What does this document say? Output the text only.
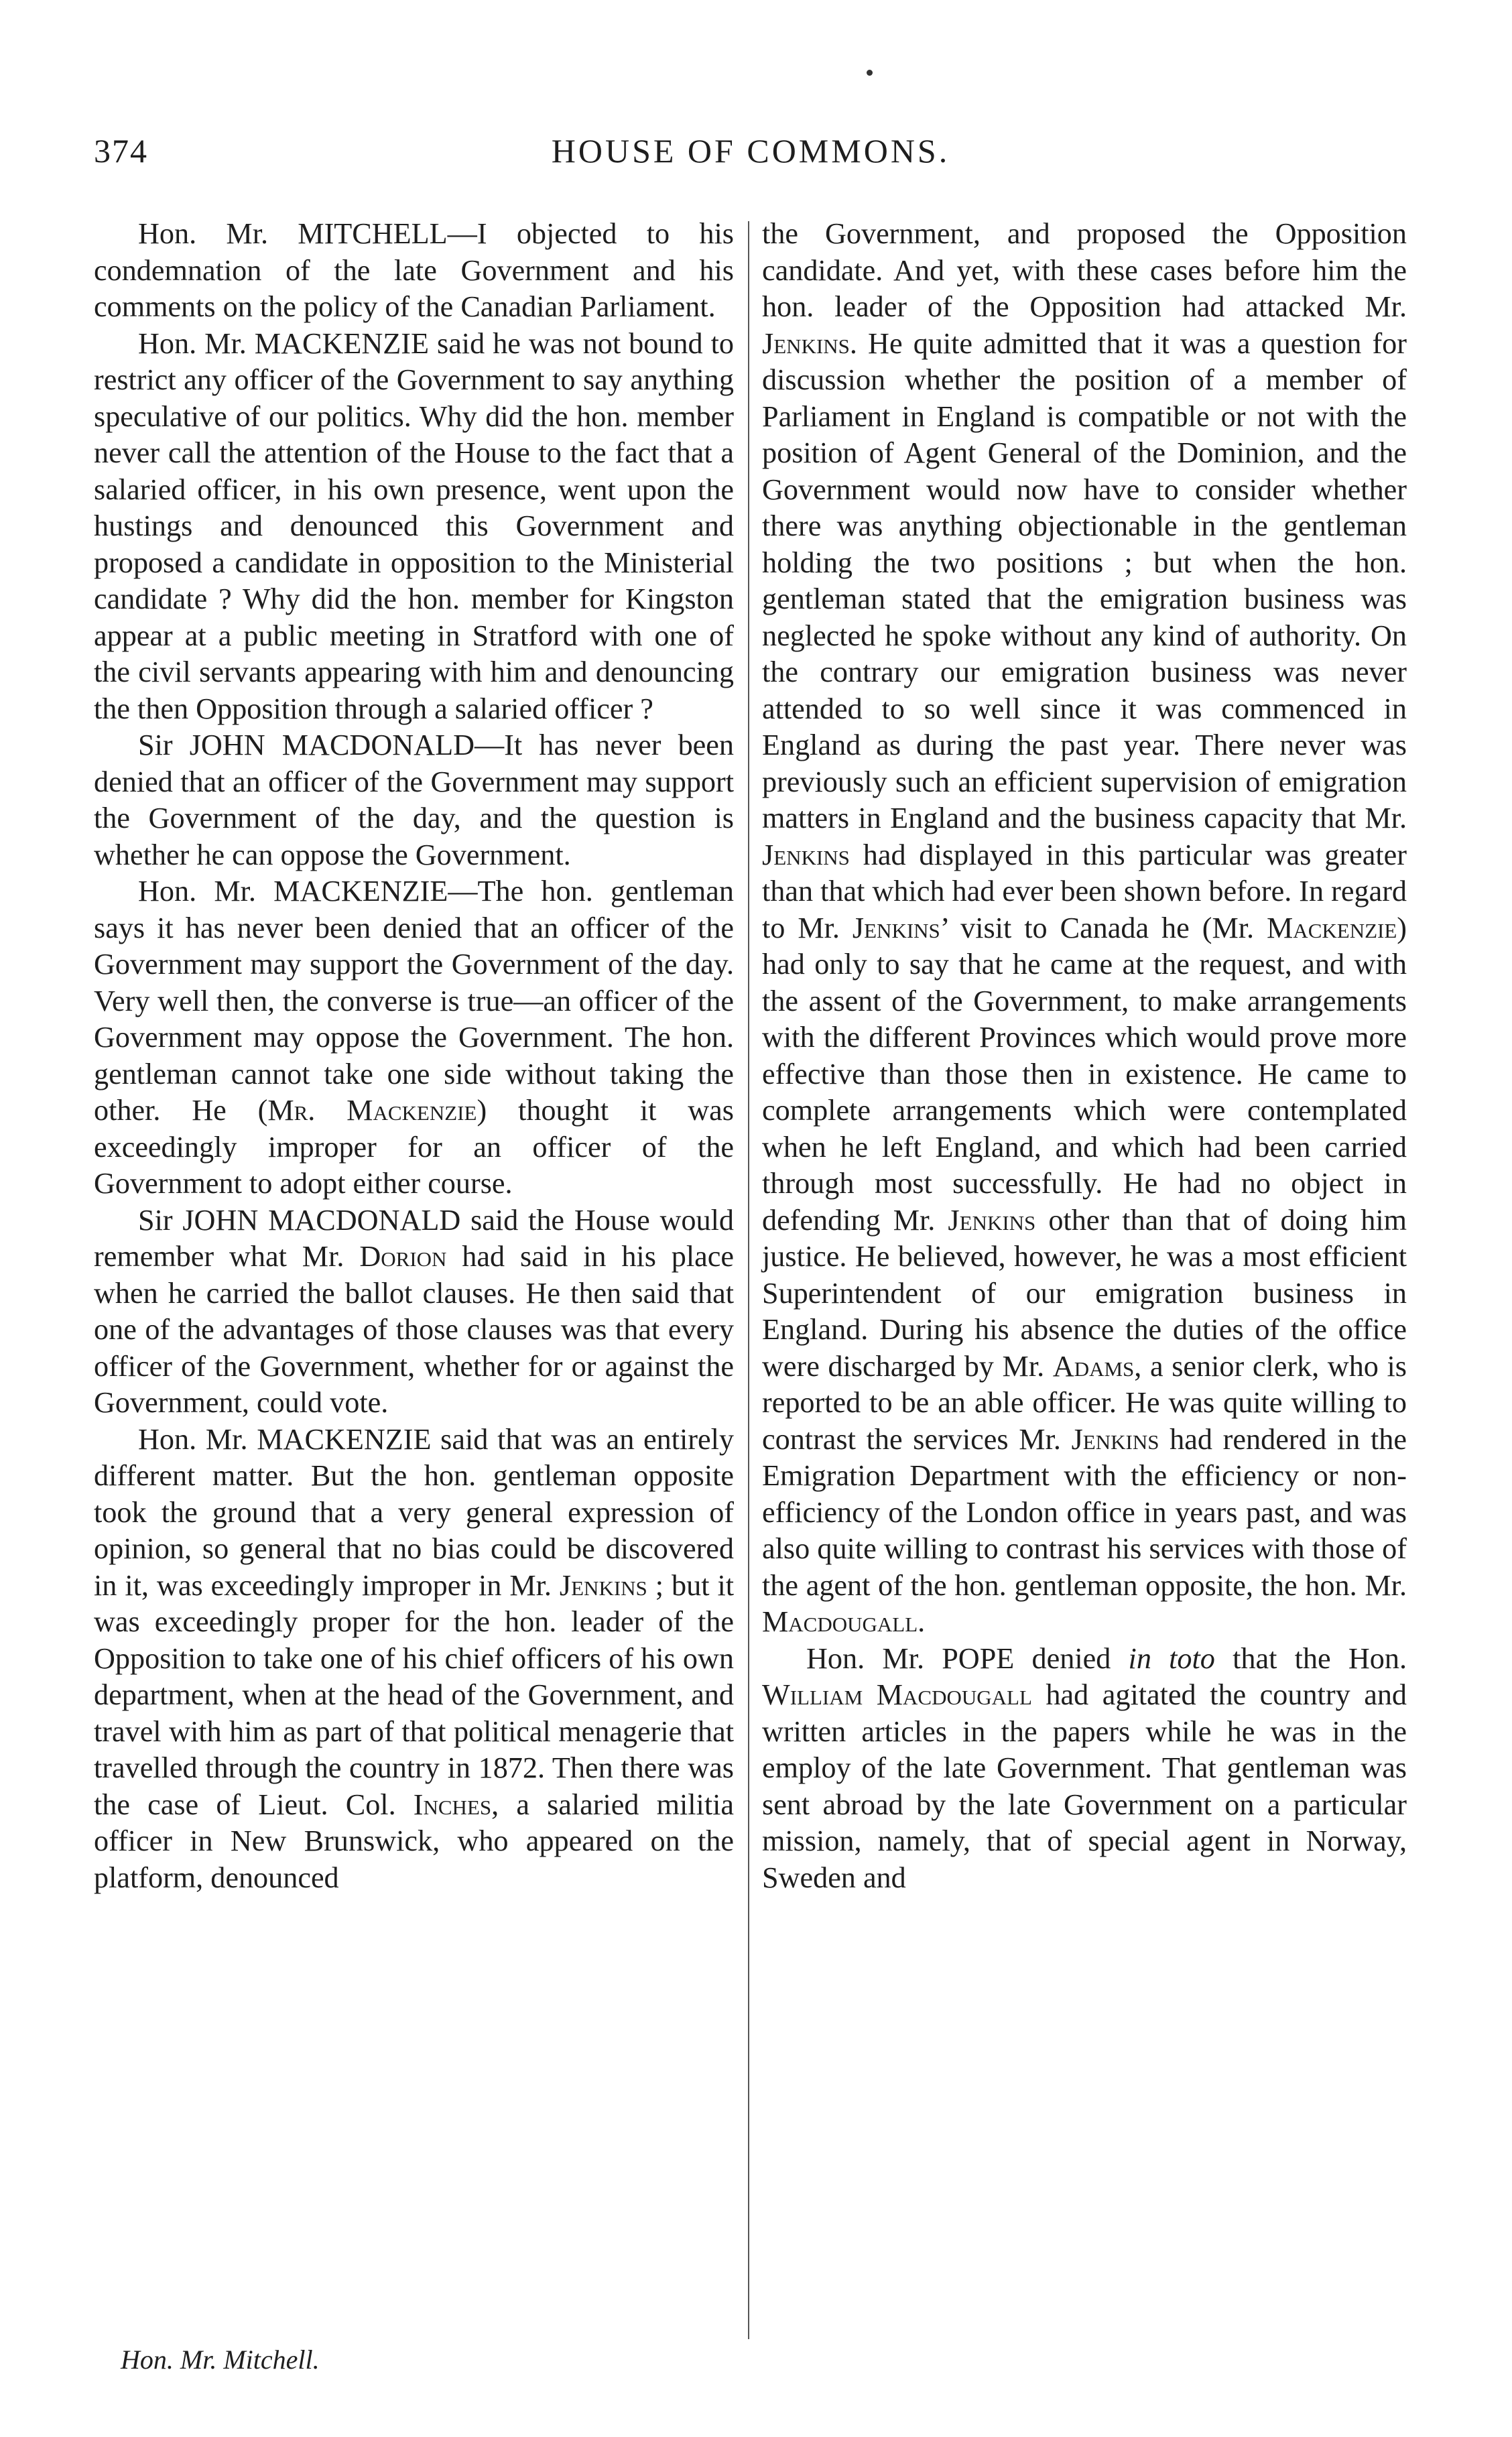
374	HOUSE OF COMMONS.

Hon. Mr. MITCHELL—I objected to his condemnation of the late Government and his comments on the policy of the Canadian Parliament.

Hon. Mr. MACKENZIE said he was not bound to restrict any officer of the Government to say anything speculative of our politics. Why did the hon. member never call the attention of the House to the fact that a salaried officer, in his own presence, went upon the hustings and denounced this Government and proposed a candidate in opposition to the Ministerial candidate ? Why did the hon. member for Kingston appear at a public meeting in Stratford with one of the civil servants appearing with him and denouncing the then Opposition through a salaried officer ?

Sir JOHN MACDONALD—It has never been denied that an officer of the Government may support the Government of the day, and the question is whether he can oppose the Government.

Hon. Mr. MACKENZIE—The hon. gentleman says it has never been denied that an officer of the Government may support the Government of the day. Very well then, the converse is true—an officer of the Government may oppose the Government. The hon. gentleman cannot take one side without taking the other. He (Mr. Mackenzie) thought it was exceedingly improper for an officer of the Government to adopt either course.

Sir JOHN MACDONALD said the House would remember what Mr. Dorion had said in his place when he carried the ballot clauses. He then said that one of the advantages of those clauses was that every officer of the Government, whether for or against the Government, could vote.

Hon. Mr. MACKENZIE said that was an entirely different matter. But the hon. gentleman opposite took the ground that a very general expression of opinion, so general that no bias could be discovered in it, was exceedingly improper in Mr. Jenkins ; but it was exceedingly proper for the hon. leader of the Opposition to take one of his chief officers of his own department, when at the head of the Government, and travel with him as part of that political menagerie that travelled through the country in 1872. Then there was the case of Lieut. Col. Inches, a salaried militia officer in New Brunswick, who appeared on the platform, denounced

the Government, and proposed the Opposition candidate. And yet, with these cases before him the hon. leader of the Opposition had attacked Mr. Jenkins. He quite admitted that it was a question for discussion whether the position of a member of Parliament in England is compatible or not with the position of Agent General of the Dominion, and the Government would now have to consider whether there was anything objectionable in the gentleman holding the two positions ; but when the hon. gentleman stated that the emigration business was neglected he spoke without any kind of authority. On the contrary our emigration business was never attended to so well since it was commenced in England as during the past year. There never was previously such an efficient supervision of emigration matters in England and the business capacity that Mr. Jenkins had displayed in this particular was greater than that which had ever been shown before. In regard to Mr. Jenkins’ visit to Canada he (Mr. Mackenzie) had only to say that he came at the request, and with the assent of the Government, to make arrangements with the different Provinces which would prove more effective than those then in existence. He came to complete arrangements which were contemplated when he left England, and which had been carried through most successfully. He had no object in defending Mr. Jenkins other than that of doing him justice. He believed, however, he was a most efficient Superintendent of our emigration business in England. During his absence the duties of the office were discharged by Mr. Adams, a senior clerk, who is reported to be an able officer. He was quite willing to contrast the services Mr. Jenkins had rendered in the Emigration Department with the efficiency or non-efficiency of the London office in years past, and was also quite willing to contrast his services with those of the agent of the hon. gentleman opposite, the hon. Mr. Macdougall.

Hon. Mr. POPE denied in toto that the Hon. William Macdougall had agitated the country and written articles in the papers while he was in the employ of the late Government. That gentleman was sent abroad by the late Government on a particular mission, namely, that of special agent in Norway, Sweden and

Hon. Mr. Mitchell.
